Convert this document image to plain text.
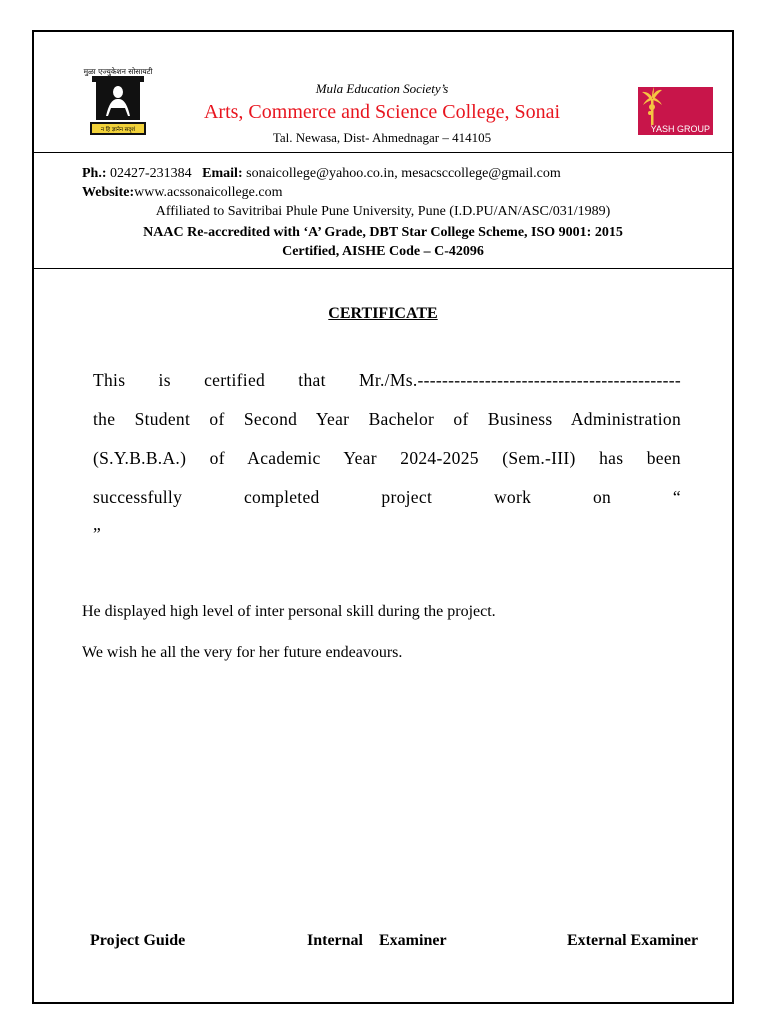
मुळा एज्युकेशन सोसायटी
न हि ज्ञानेन सदृशं
Mula Education Society’s
Arts, Commerce and Science College, Sonai
Tal. Newasa, Dist- Ahmednagar – 414105
YASH GROUP
Ph.: 02427-231384 Email: sonaicollege@yahoo.co.in, mesacsccollege@gmail.com
Website:www.acssonaicollege.com
Affiliated to Savitribai Phule Pune University, Pune (I.D.PU/AN/ASC/031/1989)
NAAC Re-accredited with ‘A’ Grade, DBT Star College Scheme, ISO 9001: 2015
Certified, AISHE Code – C-42096
CERTIFICATE
This is certified that Mr./Ms.-------------------------------------------
the Student of Second Year Bachelor of Business Administration
(S.Y.B.B.A.) of Academic Year 2024-2025 (Sem.-III) has been
successfully	completed	project	work	on	“
”
He displayed high level of inter personal skill during the project.
We wish he all the very for her future endeavours.
Project Guide	Internal Examiner	External Examiner
